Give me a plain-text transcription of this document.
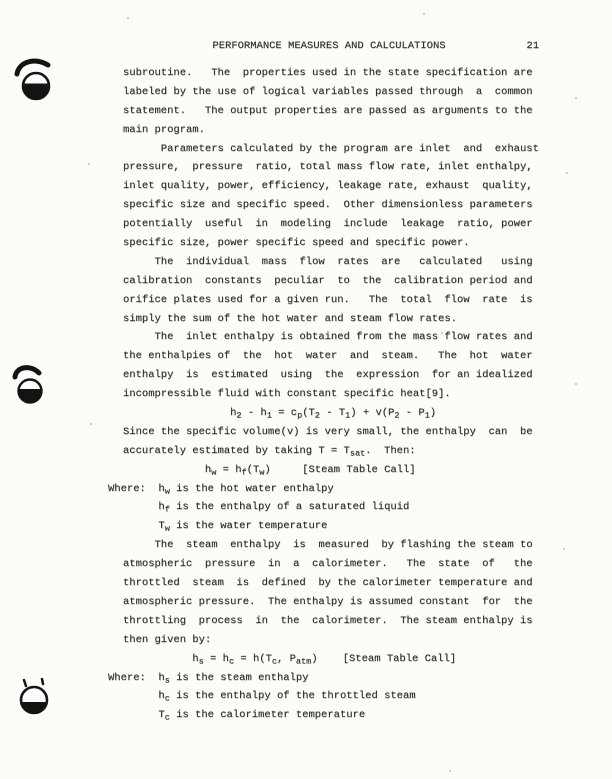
PERFORMANCE MEASURES AND CALCULATIONS	21
subroutine.   The  properties used in the state specification are
labeled by the use of logical variables passed through  a  common
statement.   The output properties are passed as arguments to the
main program.
Parameters calculated by the program are inlet  and  exhaust
pressure,  pressure  ratio, total mass flow rate, inlet enthalpy,
inlet quality, power, efficiency, leakage rate, exhaust  quality,
specific size and specific speed.  Other dimensionless parameters
potentially  useful  in  modeling  include  leakage  ratio, power
specific size, power specific speed and specific power.
The  individual  mass  flow  rates  are   calculated   using
calibration  constants  peculiar  to  the  calibration period and
orifice plates used for a given run.   The  total  flow  rate  is
simply the sum of the hot water and steam flow rates.
The  inlet enthalpy is obtained from the mass flow rates and
the enthalpies of  the  hot  water  and  steam.   The  hot  water
enthalpy  is  estimated  using  the  expression  for an idealized
incompressible fluid with constant specific heat[9].
$h_2 - h_1 = c_p(T_2 - T_1) + v(P_2 - P_1)$
Since the specific volume(v) is very small, the enthalpy  can  be
accurately estimated by taking $T = T_{sat}$.  Then:
$h_w = h_f(T_w)$     [Steam Table Call]
Where:  $h_w$ is the hot water enthalpy
$h_f$ is the enthalpy of a saturated liquid
$T_w$ is the water temperature
The  steam  enthalpy  is  measured  by flashing the steam to
atmospheric  pressure  in  a  calorimeter.   The  state  of   the
throttled  steam  is  defined  by the calorimeter temperature and
atmospheric pressure.  The enthalpy is assumed constant  for  the
throttling  process  in  the  calorimeter.  The steam enthalpy is
then given by:
$h_s = h_c = h(T_c$, $P_{atm}$)    [Steam Table Call]
Where:  $h_s$ is the steam enthalpy
$h_c$ is the enthalpy of the throttled steam
$T_c$ is the calorimeter temperature
